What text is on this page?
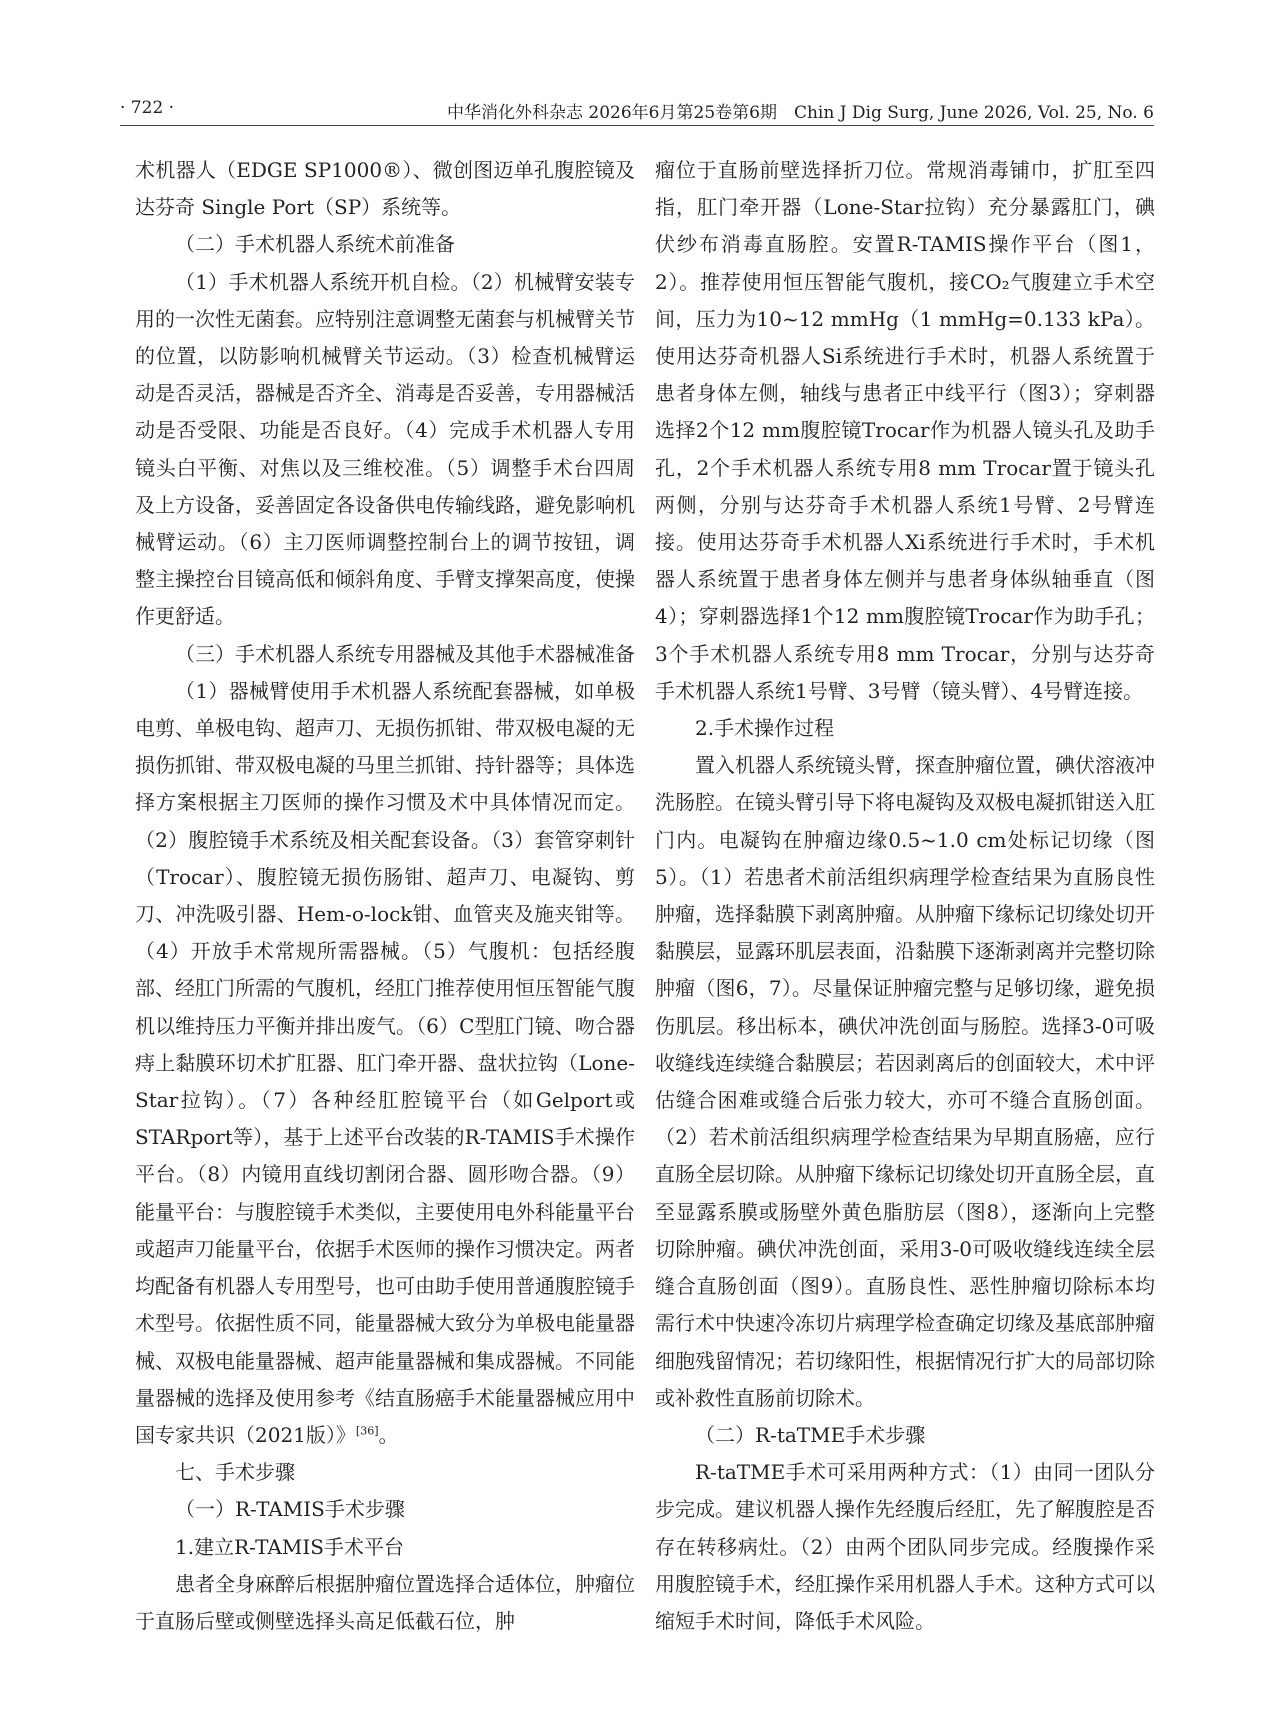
· 722 ·	中华消化外科杂志 2026年6月第25卷第6期　Chin J Dig Surg, June 2026, Vol. 25, No. 6

术机器人（EDGE SP1000®）、微创图迈单孔腹腔镜及达芬奇 Single Port（SP）系统等。

（二）手术机器人系统术前准备

（1）手术机器人系统开机自检。（2）机械臂安装专用的一次性无菌套。应特别注意调整无菌套与机械臂关节的位置，以防影响机械臂关节运动。（3）检查机械臂运动是否灵活，器械是否齐全、消毒是否妥善，专用器械活动是否受限、功能是否良好。（4）完成手术机器人专用镜头白平衡、对焦以及三维校准。（5）调整手术台四周及上方设备，妥善固定各设备供电传输线路，避免影响机械臂运动。（6）主刀医师调整控制台上的调节按钮，调整主操控台目镜高低和倾斜角度、手臂支撑架高度，使操作更舒适。

（三）手术机器人系统专用器械及其他手术器械准备

（1）器械臂使用手术机器人系统配套器械，如单极电剪、单极电钩、超声刀、无损伤抓钳、带双极电凝的无损伤抓钳、带双极电凝的马里兰抓钳、持针器等；具体选择方案根据主刀医师的操作习惯及术中具体情况而定。（2）腹腔镜手术系统及相关配套设备。（3）套管穿刺针（Trocar）、腹腔镜无损伤肠钳、超声刀、电凝钩、剪刀、冲洗吸引器、Hem-o-lock钳、血管夹及施夹钳等。（4）开放手术常规所需器械。（5）气腹机：包括经腹部、经肛门所需的气腹机，经肛门推荐使用恒压智能气腹机以维持压力平衡并排出废气。（6）C型肛门镜、吻合器痔上黏膜环切术扩肛器、肛门牵开器、盘状拉钩（Lone-Star拉钩）。（7）各种经肛腔镜平台（如Gelport或STARport等），基于上述平台改装的R-TAMIS手术操作平台。（8）内镜用直线切割闭合器、圆形吻合器。（9）能量平台：与腹腔镜手术类似，主要使用电外科能量平台或超声刀能量平台，依据手术医师的操作习惯决定。两者均配备有机器人专用型号，也可由助手使用普通腹腔镜手术型号。依据性质不同，能量器械大致分为单极电能量器械、双极电能量器械、超声能量器械和集成器械。不同能量器械的选择及使用参考《结直肠癌手术能量器械应用中国专家共识（2021版）》[36]。

七、手术步骤

（一）R-TAMIS手术步骤

1.建立R-TAMIS手术平台

患者全身麻醉后根据肿瘤位置选择合适体位，肿瘤位于直肠后壁或侧壁选择头高足低截石位，肿

瘤位于直肠前壁选择折刀位。常规消毒铺巾，扩肛至四指，肛门牵开器（Lone-Star拉钩）充分暴露肛门，碘伏纱布消毒直肠腔。安置R-TAMIS操作平台（图1，2）。推荐使用恒压智能气腹机，接CO₂气腹建立手术空间，压力为10~12 mmHg（1 mmHg=0.133 kPa）。使用达芬奇机器人Si系统进行手术时，机器人系统置于患者身体左侧，轴线与患者正中线平行（图3）；穿刺器选择2个12 mm腹腔镜Trocar作为机器人镜头孔及助手孔，2个手术机器人系统专用8 mm Trocar置于镜头孔两侧，分别与达芬奇手术机器人系统1号臂、2号臂连接。使用达芬奇手术机器人Xi系统进行手术时，手术机器人系统置于患者身体左侧并与患者身体纵轴垂直（图4）；穿刺器选择1个12 mm腹腔镜Trocar作为助手孔；3个手术机器人系统专用8 mm Trocar，分别与达芬奇手术机器人系统1号臂、3号臂（镜头臂）、4号臂连接。

2.手术操作过程

置入机器人系统镜头臂，探查肿瘤位置，碘伏溶液冲洗肠腔。在镜头臂引导下将电凝钩及双极电凝抓钳送入肛门内。电凝钩在肿瘤边缘0.5~1.0 cm处标记切缘（图5）。（1）若患者术前活组织病理学检查结果为直肠良性肿瘤，选择黏膜下剥离肿瘤。从肿瘤下缘标记切缘处切开黏膜层，显露环肌层表面，沿黏膜下逐渐剥离并完整切除肿瘤（图6，7）。尽量保证肿瘤完整与足够切缘，避免损伤肌层。移出标本，碘伏冲洗创面与肠腔。选择3-0可吸收缝线连续缝合黏膜层；若因剥离后的创面较大，术中评估缝合困难或缝合后张力较大，亦可不缝合直肠创面。（2）若术前活组织病理学检查结果为早期直肠癌，应行直肠全层切除。从肿瘤下缘标记切缘处切开直肠全层，直至显露系膜或肠壁外黄色脂肪层（图8），逐渐向上完整切除肿瘤。碘伏冲洗创面，采用3-0可吸收缝线连续全层缝合直肠创面（图9）。直肠良性、恶性肿瘤切除标本均需行术中快速冷冻切片病理学检查确定切缘及基底部肿瘤细胞残留情况；若切缘阳性，根据情况行扩大的局部切除或补救性直肠前切除术。

（二）R-taTME手术步骤

R-taTME手术可采用两种方式：（1）由同一团队分步完成。建议机器人操作先经腹后经肛，先了解腹腔是否存在转移病灶。（2）由两个团队同步完成。经腹操作采用腹腔镜手术，经肛操作采用机器人手术。这种方式可以缩短手术时间，降低手术风险。
